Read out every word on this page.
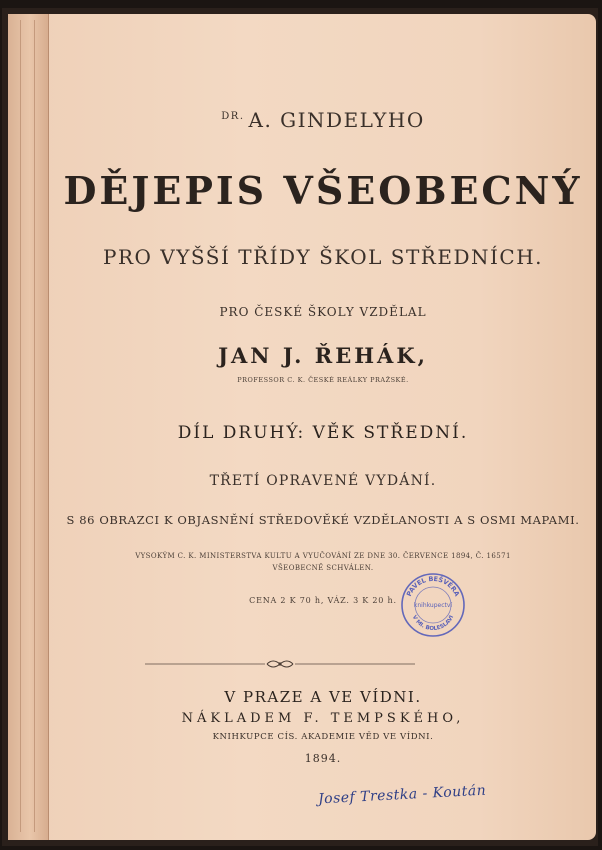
$^{DR.}$ A. GINDELYHO
DĚJEPIS VŠEOBECNÝ
PRO VYŠŠÍ TŘÍDY ŠKOL STŘEDNÍCH.
PRO ČESKÉ ŠKOLY VZDĚLAL
JAN J. ŘEHÁK,
PROFESSOR C. K. ČESKÉ REÁLKY PRAŽSKÉ.
DÍL DRUHÝ: VĚK STŘEDNÍ.
TŘETÍ OPRAVENÉ VYDÁNÍ.
S 86 OBRAZCI K OBJASNĚNÍ STŘEDOVĚKÉ VZDĚLANOSTI A S OSMI MAPAMI.
VYSOKÝM C. K. MINISTERSTVA KULTU A VYUČOVÁNÍ ZE DNE 30. ČERVENCE 1894, Č. 16571
VŠEOBECNĚ SCHVÁLEN.
CENA 2 K 70 h, VÁZ. 3 K 20 h.
V PRAZE A VE VÍDNI.
NÁKLADEM F. TEMPSKÉHO,
KNIHKUPCE CÍS. AKADEMIE VĚD VE VÍDNI.
1894.
PAVEL BEŠVÉRA
knihkupectví
V MI. BOLESLAVI
Josef Trestka - Koután
